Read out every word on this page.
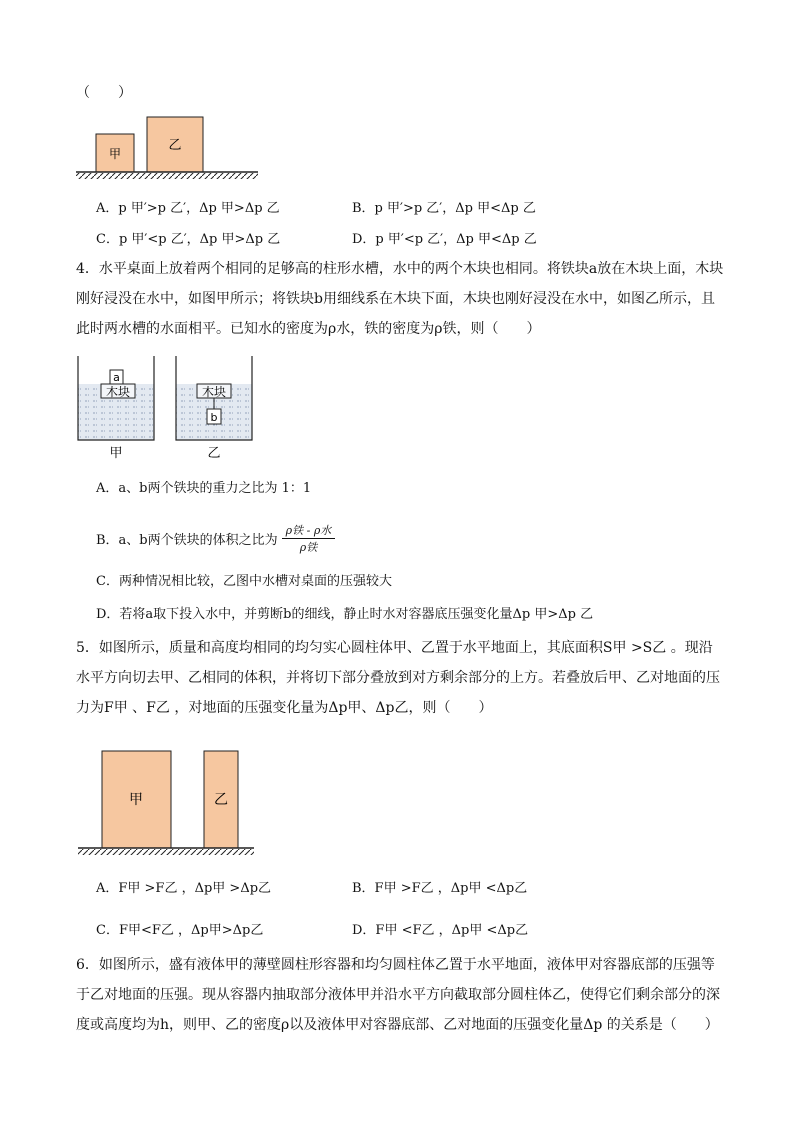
（　　）
甲
乙
A．p 甲′>p 乙′，Δp 甲>Δp 乙	B．p 甲′>p 乙′，Δp 甲<Δp 乙
C．p 甲′<p 乙′，Δp 甲>Δp 乙	D．p 甲′<p 乙′，Δp 甲<Δp 乙
4．水平桌面上放着两个相同的足够高的柱形水槽，水中的两个木块也相同。将铁块a放在木块上面，木块刚好浸没在水中，如图甲所示；将铁块b用细线系在木块下面，木块也刚好浸没在水中，如图乙所示，且此时两水槽的水面相平。已知水的密度为ρ水，铁的密度为ρ铁，则（　　）
木块
a
甲
木块
b
乙
A．a、b两个铁块的重力之比为 1：1
B．a、b两个铁块的体积之比为
ρ铁 - ρ水
ρ铁
C．两种情况相比较，乙图中水槽对桌面的压强较大
D．若将a取下投入水中，并剪断b的细线，静止时水对容器底压强变化量Δp 甲>Δp 乙
5．如图所示，质量和高度均相同的均匀实心圆柱体甲、乙置于水平地面上，其底面积S甲 >S乙 。现沿水平方向切去甲、乙相同的体积，并将切下部分叠放到对方剩余部分的上方。若叠放后甲、乙对地面的压力为F甲 、F乙 ，对地面的压强变化量为Δp甲、Δp乙，则（　　）
甲	乙
A．F甲 >F乙 ，Δp甲 >Δp乙	B．F甲 >F乙 ，Δp甲 <Δp乙
C．F甲<F乙 ，Δp甲>Δp乙	D．F甲 <F乙 ，Δp甲 <Δp乙
6．如图所示，盛有液体甲的薄壁圆柱形容器和均匀圆柱体乙置于水平地面，液体甲对容器底部的压强等于乙对地面的压强。现从容器内抽取部分液体甲并沿水平方向截取部分圆柱体乙，使得它们剩余部分的深度或高度均为h，则甲、乙的密度ρ以及液体甲对容器底部、乙对地面的压强变化量Δp 的关系是（　　）
